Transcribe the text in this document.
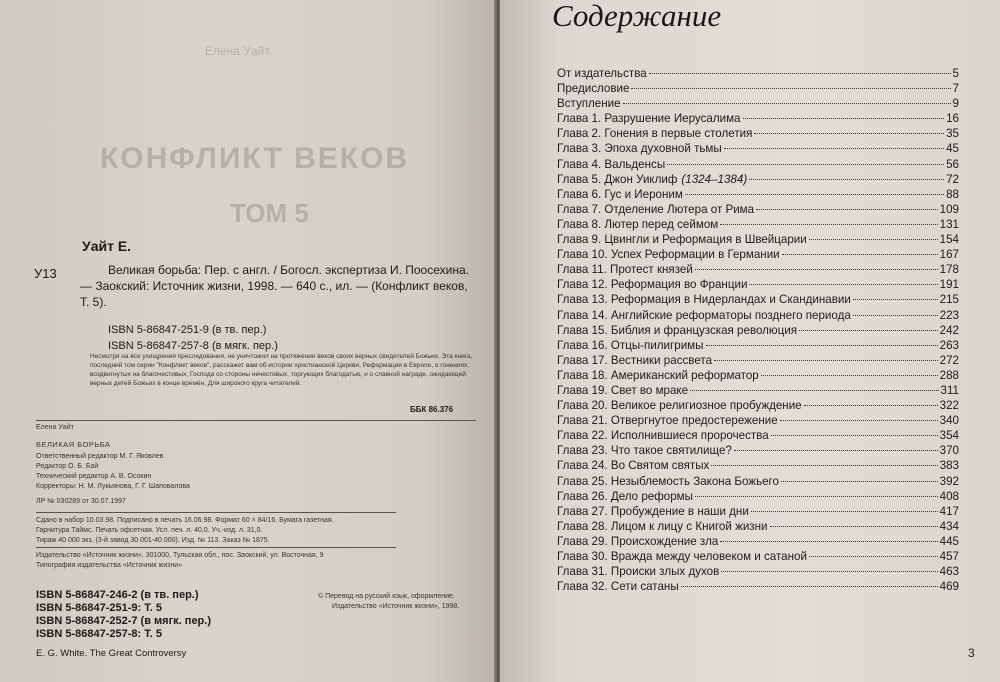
Елена Уайт
КОНФЛИКТ ВЕКОВ
ТОМ 5
Уайт Е.
У13	Великая борьба: Пер. с англ. / Богосл. экспертиза И. Поосехина. — Заокский: Источник жизни, 1998. — 640 с., ил. — (Конфликт веков, Т. 5).
ISBN 5-86847-251-9 (в тв. пер.)
ISBN 5-86847-257-8 (в мягк. пер.)
Несмотря на все ухищрения преследования, не уничтожил на протяжении веков своих верных свидетелей Божьих. Эта книга, последний том серии "Конфликт веков", расскажет вам об истории христианской Церкви, Реформации в Европе, о гонениях, воздвигнутых на благочестивых, Господа со стороны нечестивых, торгующих благодатью, и о славной награде, ожидающей верных детей Божьих в конце времён. Для широкого круга читателей.
ББК 86.376
Елена Уайт
ВЕЛИКАЯ БОРЬБА
Ответственный редактор М. Г. Яковлев
Редактор О. Б. Бай
Технический редактор А. В. Осокин
Корректоры: Н. М. Лукьянова, Г. Г. Шаповалова
ЛР № 030289 от 30.07.1997
Сдано в набор 10.03.98. Подписано в печать 16.06.98. Формат 60 × 84/16. Бумага газетная.
Гарнитура Таймс. Печать офсетная. Усл. печ. л. 40,0. Уч.-изд. л. 31,0.
Тираж 40 000 экз. (3-й завод 30 001-40 000). Изд. № 113. Заказ № 1875.
Издательство «Источник жизни», 301000, Тульская обл., пос. Заокский, ул. Восточная, 9
Типография издательства «Источник жизни»
ISBN 5-86847-246-2 (в тв. пер.)
ISBN 5-86847-251-9: Т. 5
ISBN 5-86847-252-7 (в мягк. пер.)
ISBN 5-86847-257-8: Т. 5
© Перевод на русский язык, оформление.
Издательство «Источник жизни», 1998.
E. G. White. The Great Controversy
Содержание
От издательства	5
Предисловие	7
Вступление	9
Глава 1. Разрушение Иерусалима	16
Глава 2. Гонения в первые столетия	35
Глава 3. Эпоха духовной тьмы	45
Глава 4. Вальденсы	56
Глава 5. Джон Уиклиф (1324–1384)	72
Глава 6. Гус и Иероним	88
Глава 7. Отделение Лютера от Рима	109
Глава 8. Лютер перед сеймом	131
Глава 9. Цвингли и Реформация в Швейцарии	154
Глава 10. Успех Реформации в Германии	167
Глава 11. Протест князей	178
Глава 12. Реформация во Франции	191
Глава 13. Реформация в Нидерландах и Скандинавии	215
Глава 14. Английские реформаторы позднего периода	223
Глава 15. Библия и французская революция	242
Глава 16. Отцы-пилигримы	263
Глава 17. Вестники рассвета	272
Глава 18. Американский реформатор	288
Глава 19. Свет во мраке	311
Глава 20. Великое религиозное пробуждение	322
Глава 21. Отвергнутое предостережение	340
Глава 22. Исполнившиеся пророчества	354
Глава 23. Что такое святилище?	370
Глава 24. Во Святом святых	383
Глава 25. Незыблемость Закона Божьего	392
Глава 26. Дело реформы	408
Глава 27. Пробуждение в наши дни	417
Глава 28. Лицом к лицу с Книгой жизни	434
Глава 29. Происхождение зла	445
Глава 30. Вражда между человеком и сатаной	457
Глава 31. Происки злых духов	463
Глава 32. Сети сатаны	469
3
